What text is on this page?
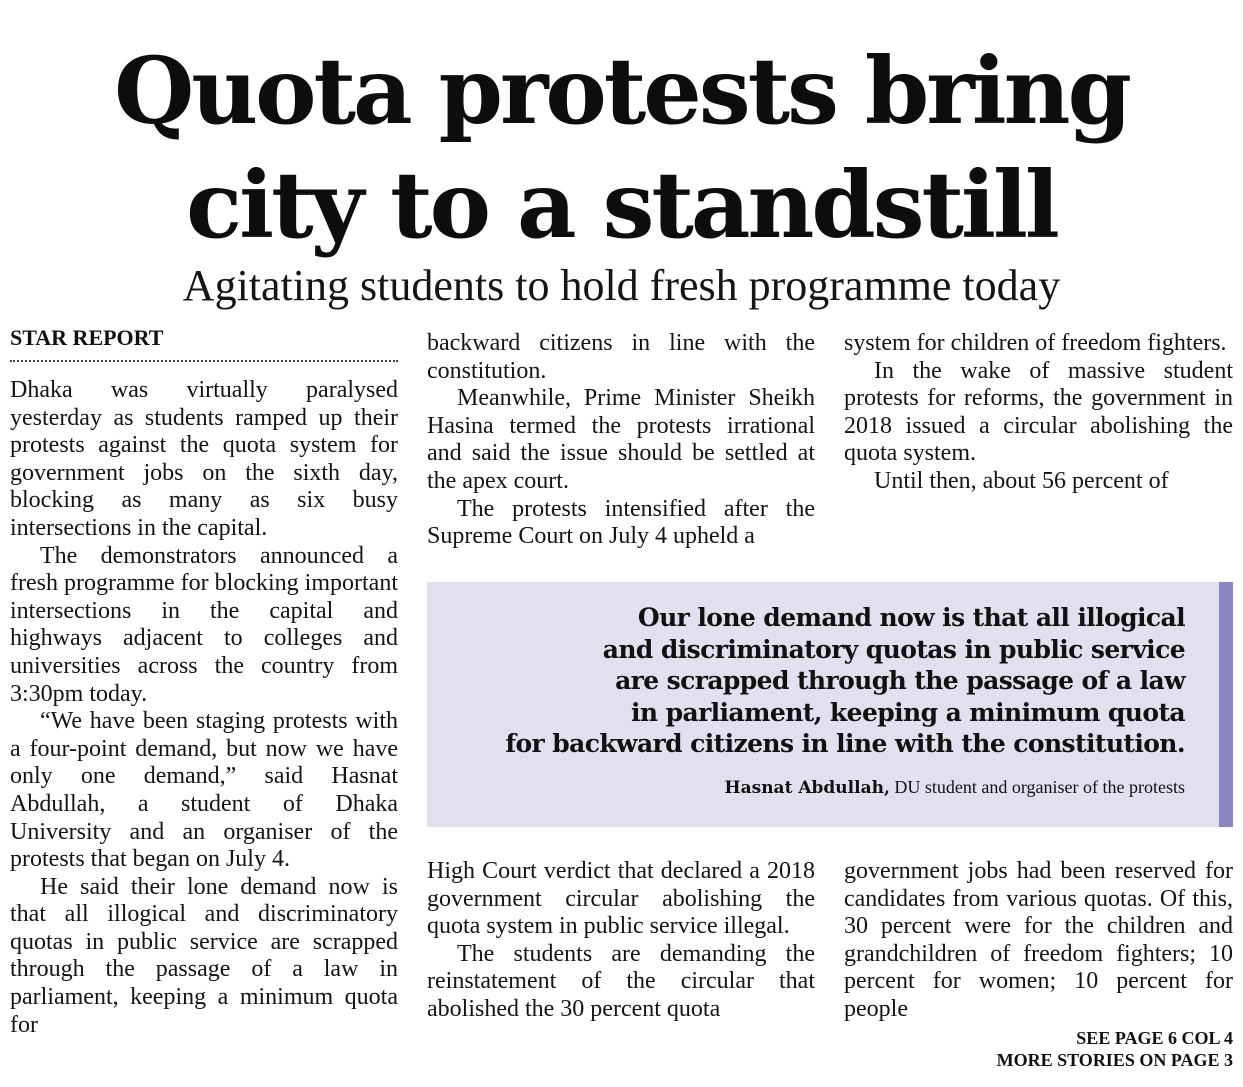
Quota protests bring
city to a standstill
Agitating students to hold fresh programme today
STAR REPORT

Dhaka was virtually paralysed yesterday as students ramped up their protests against the quota system for government jobs on the sixth day, blocking as many as six busy intersections in the capital.

The demonstrators announced a fresh programme for blocking important intersections in the capital and highways adjacent to colleges and universities across the country from 3:30pm today.

“We have been staging protests with a four-point demand, but now we have only one demand,” said Hasnat Abdullah, a student of Dhaka University and an organiser of the protests that began on July 4.

He said their lone demand now is that all illogical and discriminatory quotas in public service are scrapped through the passage of a law in parliament, keeping a minimum quota for

backward citizens in line with the constitution.

Meanwhile, Prime Minister Sheikh Hasina termed the protests irrational and said the issue should be settled at the apex court.

The protests intensified after the Supreme Court on July 4 upheld a

system for children of freedom fighters.

In the wake of massive student protests for reforms, the government in 2018 issued a circular abolishing the quota system.

Until then, about 56 percent of

Our lone demand now is that all illogical
and discriminatory quotas in public service
are scrapped through the passage of a law
in parliament, keeping a minimum quota
for backward citizens in line with the constitution.
Hasnat Abdullah, DU student and organiser of the protests

High Court verdict that declared a 2018 government circular abolishing the quota system in public service illegal.

The students are demanding the reinstatement of the circular that abolished the 30 percent quota

government jobs had been reserved for candidates from various quotas. Of this, 30 percent were for the children and grandchildren of freedom fighters; 10 percent for women; 10 percent for people

SEE PAGE 6 COL 4
MORE STORIES ON PAGE 3
